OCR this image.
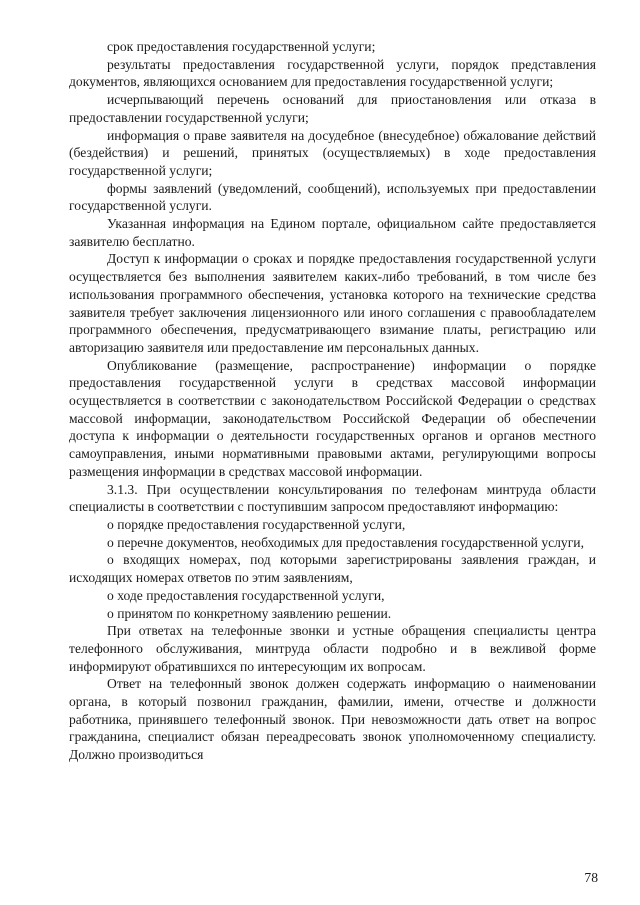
срок предоставления государственной услуги;

результаты предоставления государственной услуги, порядок представления документов, являющихся основанием для предоставления государственной услуги;

исчерпывающий перечень оснований для приостановления или отказа в предоставлении государственной услуги;

информация о праве заявителя на досудебное (внесудебное) обжалование действий (бездействия) и решений, принятых (осуществляемых) в ходе предоставления государственной услуги;

формы заявлений (уведомлений, сообщений), используемых при предоставлении государственной услуги.

Указанная информация на Едином портале, официальном сайте предоставляется заявителю бесплатно.

Доступ к информации о сроках и порядке предоставления государственной услуги осуществляется без выполнения заявителем каких-либо требований, в том числе без использования программного обеспечения, установка которого на технические средства заявителя требует заключения лицензионного или иного соглашения с правообладателем программного обеспечения, предусматривающего взимание платы, регистрацию или авторизацию заявителя или предоставление им персональных данных.

Опубликование (размещение, распространение) информации о порядке предоставления государственной услуги в средствах массовой информации осуществляется в соответствии с законодательством Российской Федерации о средствах массовой информации, законодательством Российской Федерации об обеспечении доступа к информации о деятельности государственных органов и органов местного самоуправления, иными нормативными правовыми актами, регулирующими вопросы размещения информации в средствах массовой информации.

3.1.3. При осуществлении консультирования по телефонам минтруда области специалисты в соответствии с поступившим запросом предоставляют информацию:

о порядке предоставления государственной услуги,

о перечне документов, необходимых для предоставления государственной услуги,

о входящих номерах, под которыми зарегистрированы заявления граждан, и исходящих номерах ответов по этим заявлениям,

о ходе предоставления государственной услуги,

о принятом по конкретному заявлению решении.

При ответах на телефонные звонки и устные обращения специалисты центра телефонного обслуживания, минтруда области подробно и в вежливой форме информируют обратившихся по интересующим их вопросам.

Ответ на телефонный звонок должен содержать информацию о наименовании органа, в который позвонил гражданин, фамилии, имени, отчестве и должности работника, принявшего телефонный звонок. При невозможности дать ответ на вопрос гражданина, специалист обязан переадресовать звонок уполномоченному специалисту. Должно производиться

78
